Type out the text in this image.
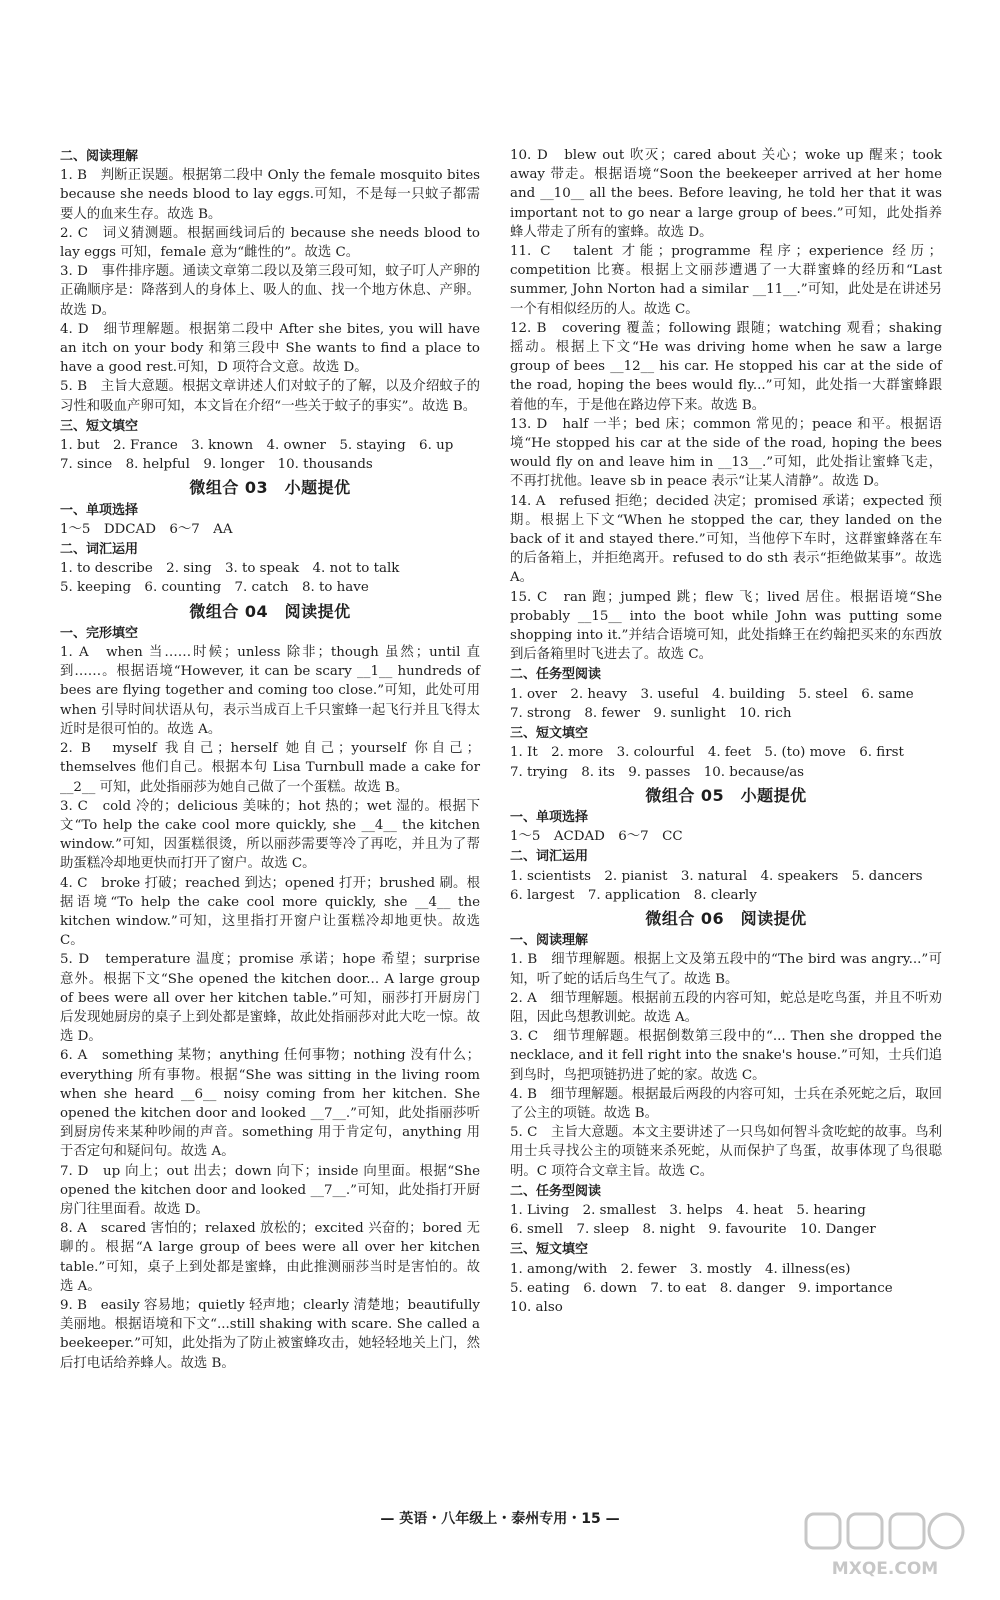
二、阅读理解
1. B　判断正误题。根据第二段中 Only the female mosquito bites because she needs blood to lay eggs.可知，不是每一只蚊子都需要人的血来生存。故选 B。
2. C　词义猜测题。根据画线词后的 because she needs blood to lay eggs 可知，female 意为“雌性的”。故选 C。
3. D　事件排序题。通读文章第二段以及第三段可知，蚊子叮人产卵的正确顺序是：降落到人的身体上、吸人的血、找一个地方休息、产卵。故选 D。
4. D　细节理解题。根据第二段中 After she bites, you will have an itch on your body 和第三段中 She wants to find a place to have a good rest.可知，D 项符合文意。故选 D。
5. B　主旨大意题。根据文章讲述人们对蚊子的了解，以及介绍蚊子的习性和吸血产卵可知，本文旨在介绍“一些关于蚊子的事实”。故选 B。
三、短文填空
1. but　2. France　3. known　4. owner　5. staying　6. up
7. since　8. helpful　9. longer　10. thousands
微组合 03　小题提优
一、单项选择
1～5　DDCAD　6～7　AA
二、词汇运用
1. to describe　2. sing　3. to speak　4. not to talk
5. keeping　6. counting　7. catch　8. to have
微组合 04　阅读提优
一、完形填空
1. A　when 当……时候；unless 除非；though 虽然；until 直到……。根据语境“However, it can be scary __1__ hundreds of bees are flying together and coming too close.”可知，此处可用 when 引导时间状语从句，表示当成百上千只蜜蜂一起飞行并且飞得太近时是很可怕的。故选 A。
2. B　myself 我自己；herself 她自己；yourself 你自己；themselves 他们自己。根据本句 Lisa Turnbull made a cake for __2__ 可知，此处指丽莎为她自己做了一个蛋糕。故选 B。
3. C　cold 冷的；delicious 美味的；hot 热的；wet 湿的。根据下文“To help the cake cool more quickly, she __4__ the kitchen window.”可知，因蛋糕很烫，所以丽莎需要等冷了再吃，并且为了帮助蛋糕冷却地更快而打开了窗户。故选 C。
4. C　broke 打破；reached 到达；opened 打开；brushed 刷。根据语境“To help the cake cool more quickly, she __4__ the kitchen window.”可知，这里指打开窗户让蛋糕冷却地更快。故选 C。
5. D　temperature 温度；promise 承诺；hope 希望；surprise 意外。根据下文“She opened the kitchen door... A large group of bees were all over her kitchen table.”可知，丽莎打开厨房门后发现她厨房的桌子上到处都是蜜蜂，故此处指丽莎对此大吃一惊。故选 D。
6. A　something 某物；anything 任何事物；nothing 没有什么；everything 所有事物。根据“She was sitting in the living room when she heard __6__ noisy coming from her kitchen. She opened the kitchen door and looked __7__.”可知，此处指丽莎听到厨房传来某种吵闹的声音。something 用于肯定句，anything 用于否定句和疑问句。故选 A。
7. D　up 向上；out 出去；down 向下；inside 向里面。根据“She opened the kitchen door and looked __7__.”可知，此处指打开厨房门往里面看。故选 D。
8. A　scared 害怕的；relaxed 放松的；excited 兴奋的；bored 无聊的。根据“A large group of bees were all over her kitchen table.”可知，桌子上到处都是蜜蜂，由此推测丽莎当时是害怕的。故选 A。
9. B　easily 容易地；quietly 轻声地；clearly 清楚地；beautifully 美丽地。根据语境和下文“...still shaking with scare. She called a beekeeper.”可知，此处指为了防止被蜜蜂攻击，她轻轻地关上门，然后打电话给养蜂人。故选 B。
10. D　blew out 吹灭；cared about 关心；woke up 醒来；took away 带走。根据语境“Soon the beekeeper arrived at her home and __10__ all the bees. Before leaving, he told her that it was important not to go near a large group of bees.”可知，此处指养蜂人带走了所有的蜜蜂。故选 D。
11. C　talent 才能；programme 程序；experience 经历；competition 比赛。根据上文丽莎遭遇了一大群蜜蜂的经历和“Last summer, John Norton had a similar __11__.”可知，此处是在讲述另一个有相似经历的人。故选 C。
12. B　covering 覆盖；following 跟随；watching 观看；shaking 摇动。根据上下文“He was driving home when he saw a large group of bees __12__ his car. He stopped his car at the side of the road, hoping the bees would fly...”可知，此处指一大群蜜蜂跟着他的车，于是他在路边停下来。故选 B。
13. D　half 一半；bed 床；common 常见的；peace 和平。根据语境“He stopped his car at the side of the road, hoping the bees would fly on and leave him in __13__.”可知，此处指让蜜蜂飞走，不再打扰他。leave sb in peace 表示“让某人清静”。故选 D。
14. A　refused 拒绝；decided 决定；promised 承诺；expected 预期。根据上下文“When he stopped the car, they landed on the back of it and stayed there.”可知，当他停下车时，这群蜜蜂落在车的后备箱上，并拒绝离开。refused to do sth 表示“拒绝做某事”。故选 A。
15. C　ran 跑；jumped 跳；flew 飞；lived 居住。根据语境“She probably __15__ into the boot while John was putting some shopping into it.”并结合语境可知，此处指蜂王在约翰把买来的东西放到后备箱里时飞进去了。故选 C。
二、任务型阅读
1. over　2. heavy　3. useful　4. building　5. steel　6. same
7. strong　8. fewer　9. sunlight　10. rich
三、短文填空
1. It　2. more　3. colourful　4. feet　5. (to) move　6. first
7. trying　8. its　9. passes　10. because/as
微组合 05　小题提优
一、单项选择
1～5　ACDAD　6～7　CC
二、词汇运用
1. scientists　2. pianist　3. natural　4. speakers　5. dancers
6. largest　7. application　8. clearly
微组合 06　阅读提优
一、阅读理解
1. B　细节理解题。根据上文及第五段中的“The bird was angry...”可知，听了蛇的话后鸟生气了。故选 B。
2. A　细节理解题。根据前五段的内容可知，蛇总是吃鸟蛋，并且不听劝阻，因此鸟想教训蛇。故选 A。
3. C　细节理解题。根据倒数第三段中的“... Then she dropped the necklace, and it fell right into the snake's house.”可知，士兵们追到鸟时，鸟把项链扔进了蛇的家。故选 C。
4. B　细节理解题。根据最后两段的内容可知，士兵在杀死蛇之后，取回了公主的项链。故选 B。
5. C　主旨大意题。本文主要讲述了一只鸟如何智斗贪吃蛇的故事。鸟利用士兵寻找公主的项链来杀死蛇，从而保护了鸟蛋，故事体现了鸟很聪明。C 项符合文章主旨。故选 C。
二、任务型阅读
1. Living　2. smallest　3. helps　4. heat　5. hearing
6. smell　7. sleep　8. night　9. favourite　10. Danger
三、短文填空
1. among/with　2. fewer　3. mostly　4. illness(es)
5. eating　6. down　7. to eat　8. danger　9. importance
10. also
— 英语・八年级上・泰州专用・15 —
MXQE.COM
